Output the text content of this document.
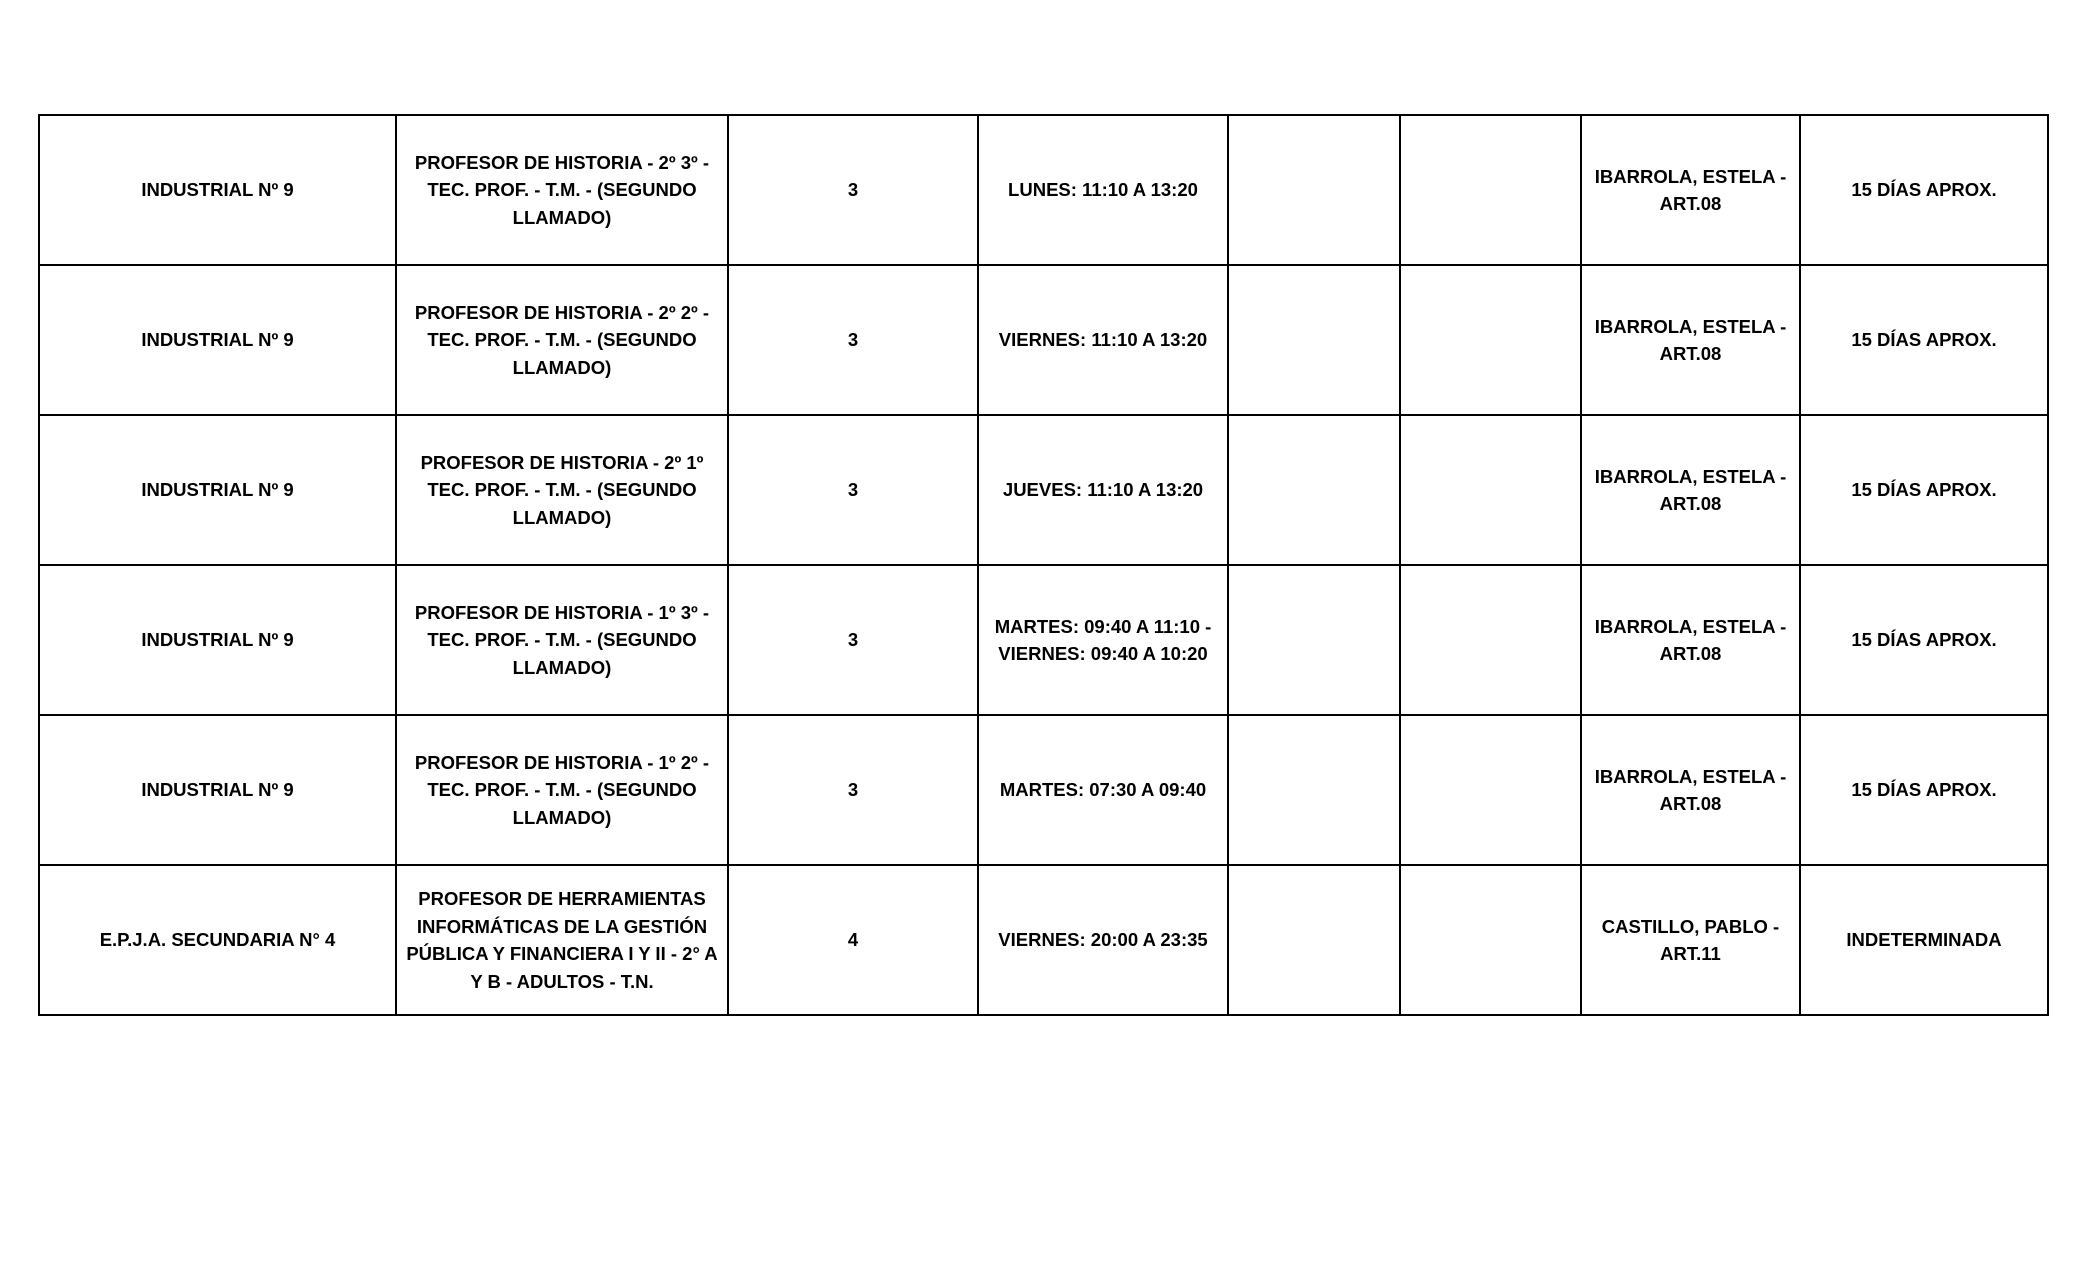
INDUSTRIAL Nº 9	PROFESOR DE HISTORIA - 2º 3º - TEC. PROF. - T.M. - (SEGUNDO LLAMADO)	3	LUNES: 11:10 A 13:20			IBARROLA, ESTELA - ART.08	15 DÍAS APROX.
INDUSTRIAL Nº 9	PROFESOR DE HISTORIA - 2º 2º - TEC. PROF. - T.M. - (SEGUNDO LLAMADO)	3	VIERNES: 11:10 A 13:20			IBARROLA, ESTELA - ART.08	15 DÍAS APROX.
INDUSTRIAL Nº 9	PROFESOR DE HISTORIA - 2º 1º TEC. PROF. - T.M. - (SEGUNDO LLAMADO)	3	JUEVES: 11:10 A 13:20			IBARROLA, ESTELA - ART.08	15 DÍAS APROX.
INDUSTRIAL Nº 9	PROFESOR DE HISTORIA - 1º 3º - TEC. PROF. - T.M. - (SEGUNDO LLAMADO)	3	MARTES: 09:40 A 11:10 - VIERNES: 09:40 A 10:20			IBARROLA, ESTELA - ART.08	15 DÍAS APROX.
INDUSTRIAL Nº 9	PROFESOR DE HISTORIA - 1º 2º - TEC. PROF. - T.M. - (SEGUNDO LLAMADO)	3	MARTES: 07:30 A 09:40			IBARROLA, ESTELA - ART.08	15 DÍAS APROX.
E.P.J.A. SECUNDARIA N° 4	PROFESOR DE HERRAMIENTAS INFORMÁTICAS DE LA GESTIÓN PÚBLICA Y FINANCIERA I Y II - 2° A Y B - ADULTOS - T.N.	4	VIERNES: 20:00 A 23:35			CASTILLO, PABLO - ART.11	INDETERMINADA
